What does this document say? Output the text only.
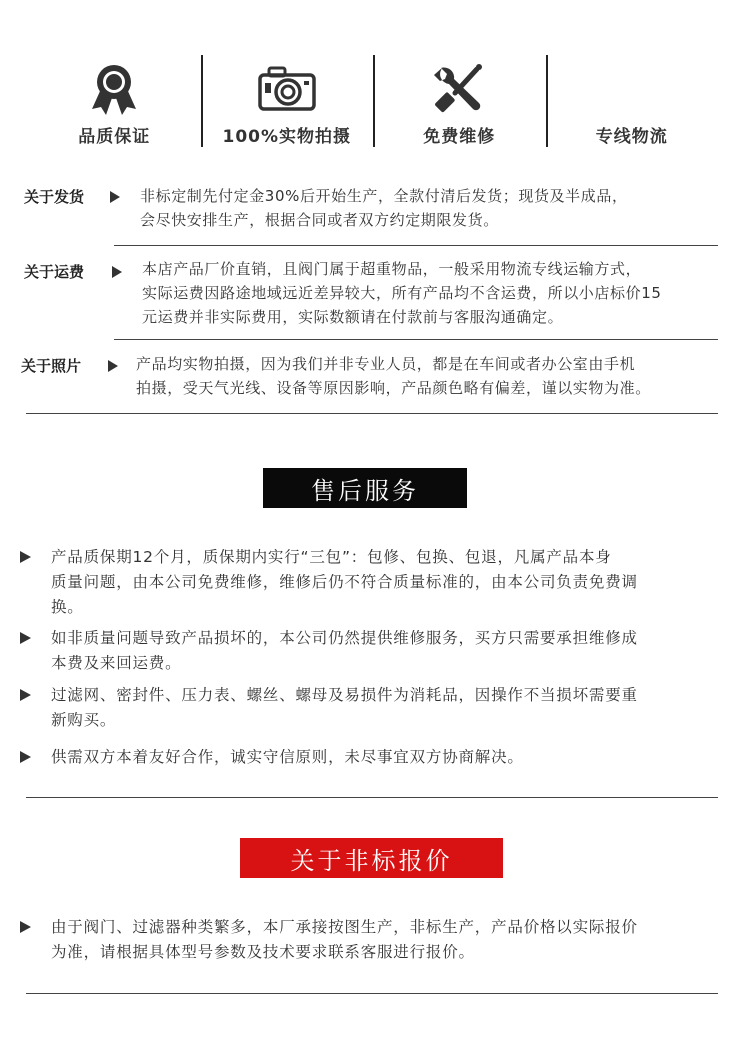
品质保证	100%实物拍摄	免费维修	专线物流
关于发货	非标定制先付定金30%后开始生产，全款付清后发货；现货及半成品，
会尽快安排生产，根据合同或者双方约定期限发货。
关于运费	本店产品厂价直销，且阀门属于超重物品，一般采用物流专线运输方式，
实际运费因路途地域远近差异较大，所有产品均不含运费，所以小店标价15
元运费并非实际费用，实际数额请在付款前与客服沟通确定。
关于照片	产品均实物拍摄，因为我们并非专业人员，都是在车间或者办公室由手机
拍摄，受天气光线、设备等原因影响，产品颜色略有偏差，谨以实物为准。
售后服务
产品质保期12个月，质保期内实行“三包”：包修、包换、包退，凡属产品本身
质量问题，由本公司免费维修，维修后仍不符合质量标准的，由本公司负责免费调
换。
如非质量问题导致产品损坏的，本公司仍然提供维修服务，买方只需要承担维修成
本费及来回运费。
过滤网、密封件、压力表、螺丝、螺母及易损件为消耗品，因操作不当损坏需要重
新购买。
供需双方本着友好合作，诚实守信原则，未尽事宜双方协商解决。
关于非标报价
由于阀门、过滤器种类繁多，本厂承接按图生产，非标生产，产品价格以实际报价
为准，请根据具体型号参数及技术要求联系客服进行报价。
